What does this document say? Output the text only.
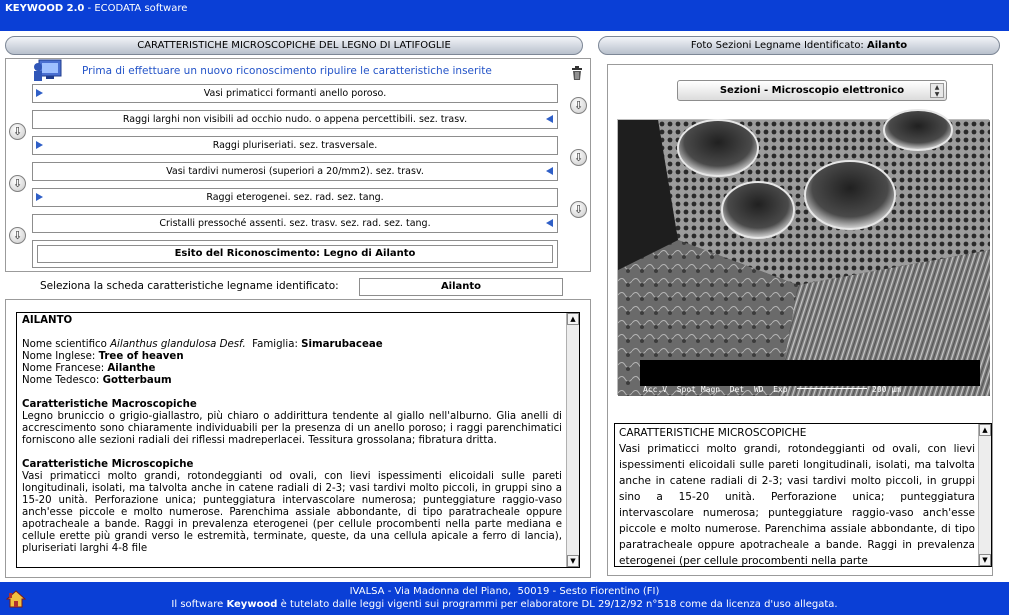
KEYWOOD 2.0 - ECODATA software
CARATTERISTICHE MICROSCOPICHE DEL LEGNO DI LATIFOGLIE
Prima di effettuare un nuovo riconoscimento ripulire le caratteristiche inserite
Vasi primaticci formanti anello poroso.
⇩
Raggi larghi non visibili ad occhio nudo. o appena percettibili. sez. trasv.
⇩
Raggi pluriseriati. sez. trasversale.
⇩
Vasi tardivi numerosi (superiori a 20/mm2). sez. trasv.
⇩
Raggi eterogenei. sez. rad. sez. tang.
⇩
Cristalli pressoché assenti. sez. trasv. sez. rad. sez. tang.
⇩
Esito del Riconoscimento: Legno di Ailanto
Seleziona la scheda caratteristiche legname identificato:	Ailanto
AILANTO
Nome scientifico Ailanthus glandulosa Desf.  Famiglia: Simarubaceae
Nome Inglese: Tree of heaven
Nome Francese: Ailanthe
Nome Tedesco: Gotterbaum
Caratteristiche Macroscopiche
Legno bruniccio o grigio-giallastro, più chiaro o addirittura tendente al giallo nell'alburno. Glia anelli di accrescimento sono chiaramente individuabili per la presenza di un anello poroso; i raggi parenchimatici forniscono alle sezioni radiali dei riflessi madreperlacei. Tessitura grossolana; fibratura dritta.
Caratteristiche Microscopiche
Vasi primaticci molto grandi, rotondeggianti od ovali, con lievi ispessimenti elicoidali sulle pareti longitudinali, isolati, ma talvolta anche in catene radiali di 2-3; vasi tardivi molto piccoli, in gruppi sino a 15-20 unità. Perforazione unica; punteggiatura intervascolare numerosa; punteggiature raggio-vaso anch'esse piccole e molto numerose. Parenchima assiale abbondante, di tipo paratracheale oppure apotracheale a bande. Raggi in prevalenza eterogenei (per cellule procombenti nella parte mediana e cellule erette più grandi verso le estremità, terminate, queste, da una cellula apicale a ferro di lancia), pluriseriati larghi 4-8 file
▲
▼
Foto Sezioni Legname Identificato: Ailanto
Sezioni - Microscopio elettronico	▲
▼

Acc.V Spot Magn Det WD Exp	200 μm

CARATTERISTICHE MICROSCOPICHE
Vasi primaticci molto grandi, rotondeggianti od ovali, con lievi ispessimenti elicoidali sulle pareti longitudinali, isolati, ma talvolta anche in catene radiali di 2-3; vasi tardivi molto piccoli, in gruppi sino a 15-20 unità. Perforazione unica; punteggiatura intervascolare numerosa; punteggiature raggio-vaso anch'esse piccole e molto numerose. Parenchima assiale abbondante, di tipo paratracheale oppure apotracheale a bande. Raggi in prevalenza eterogenei (per cellule procombenti nella parte
▲
▼
IVALSA - Via Madonna del Piano,  50019 - Sesto Fiorentino (FI)
Il software Keywood è tutelato dalle leggi vigenti sui programmi per elaboratore DL 29/12/92 n°518 come da licenza d'uso allegata.
